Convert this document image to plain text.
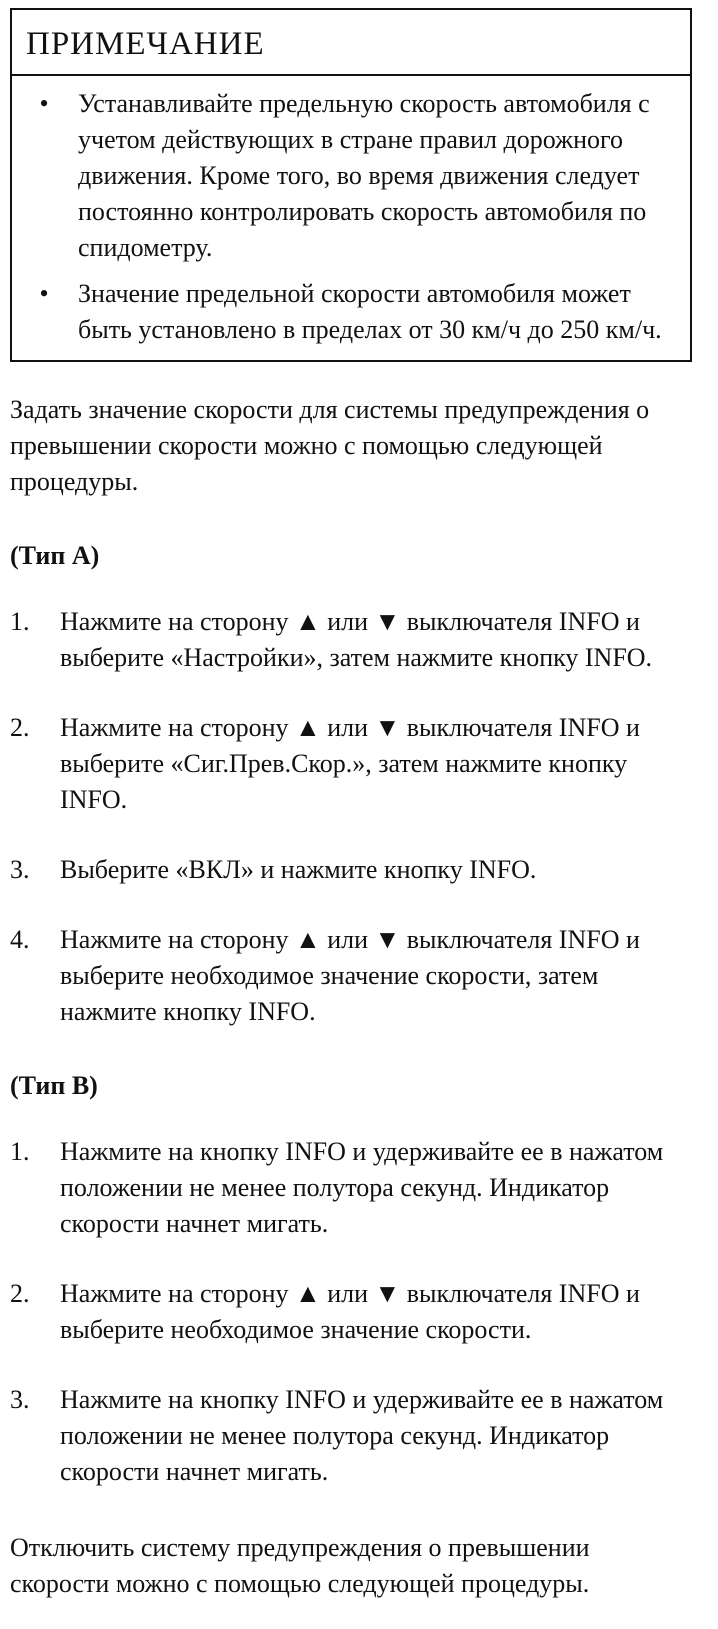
ПРИМЕЧАНИЕ
• Устанавливайте предельную скорость автомобиля с учетом действующих в стране правил дорожного движения. Кроме того, во время движения следует постоянно контролировать скорость автомобиля по спидометру.
• Значение предельной скорости автомобиля может быть установлено в пределах от 30 км/ч до 250 км/ч.

Задать значение скорости для системы предупреждения о превышении скорости можно с помощью следующей процедуры.

(Тип A)
1. Нажмите на сторону ▲ или ▼ выключателя INFO и выберите «Настройки», затем нажмите кнопку INFO.
2. Нажмите на сторону ▲ или ▼ выключателя INFO и выберите «Сиг.Прев.Скор.», затем нажмите кнопку INFO.
3. Выберите «ВКЛ» и нажмите кнопку INFO.
4. Нажмите на сторону ▲ или ▼ выключателя INFO и выберите необходимое значение скорости, затем нажмите кнопку INFO.
(Тип B)
1. Нажмите на кнопку INFO и удерживайте ее в нажатом положении не менее полутора секунд. Индикатор скорости начнет мигать.
2. Нажмите на сторону ▲ или ▼ выключателя INFO и выберите необходимое значение скорости.
3. Нажмите на кнопку INFO и удерживайте ее в нажатом положении не менее полутора секунд. Индикатор скорости начнет мигать.

Отключить систему предупреждения о превышении скорости можно с помощью следующей процедуры.
